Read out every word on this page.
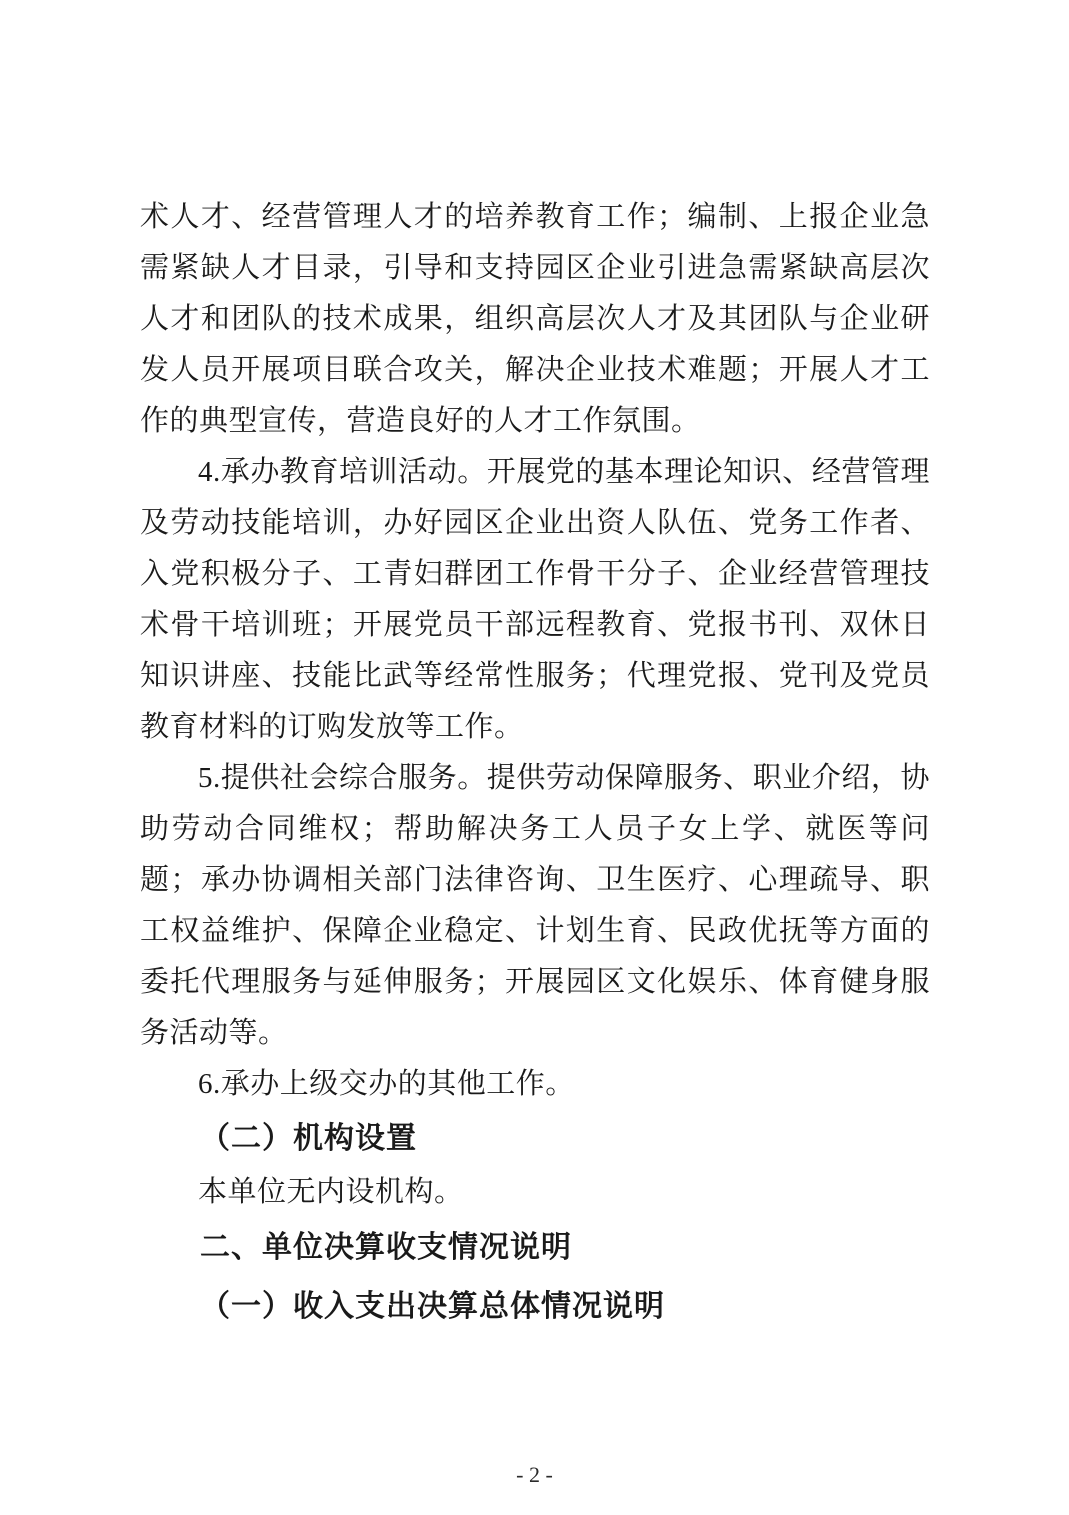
术人才、经营管理人才的培养教育工作；编制、上报企业急需紧缺人才目录，引导和支持园区企业引进急需紧缺高层次人才和团队的技术成果，组织高层次人才及其团队与企业研发人员开展项目联合攻关，解决企业技术难题；开展人才工作的典型宣传，营造良好的人才工作氛围。

4.承办教育培训活动。开展党的基本理论知识、经营管理及劳动技能培训，办好园区企业出资人队伍、党务工作者、入党积极分子、工青妇群团工作骨干分子、企业经营管理技术骨干培训班；开展党员干部远程教育、党报书刊、双休日知识讲座、技能比武等经常性服务；代理党报、党刊及党员教育材料的订购发放等工作。

5.提供社会综合服务。提供劳动保障服务、职业介绍，协助劳动合同维权；帮助解决务工人员子女上学、就医等问题；承办协调相关部门法律咨询、卫生医疗、心理疏导、职工权益维护、保障企业稳定、计划生育、民政优抚等方面的委托代理服务与延伸服务；开展园区文化娱乐、体育健身服务活动等。

6.承办上级交办的其他工作。

（二）机构设置

本单位无内设机构。

二、单位决算收支情况说明

（一）收入支出决算总体情况说明

- 2 -
